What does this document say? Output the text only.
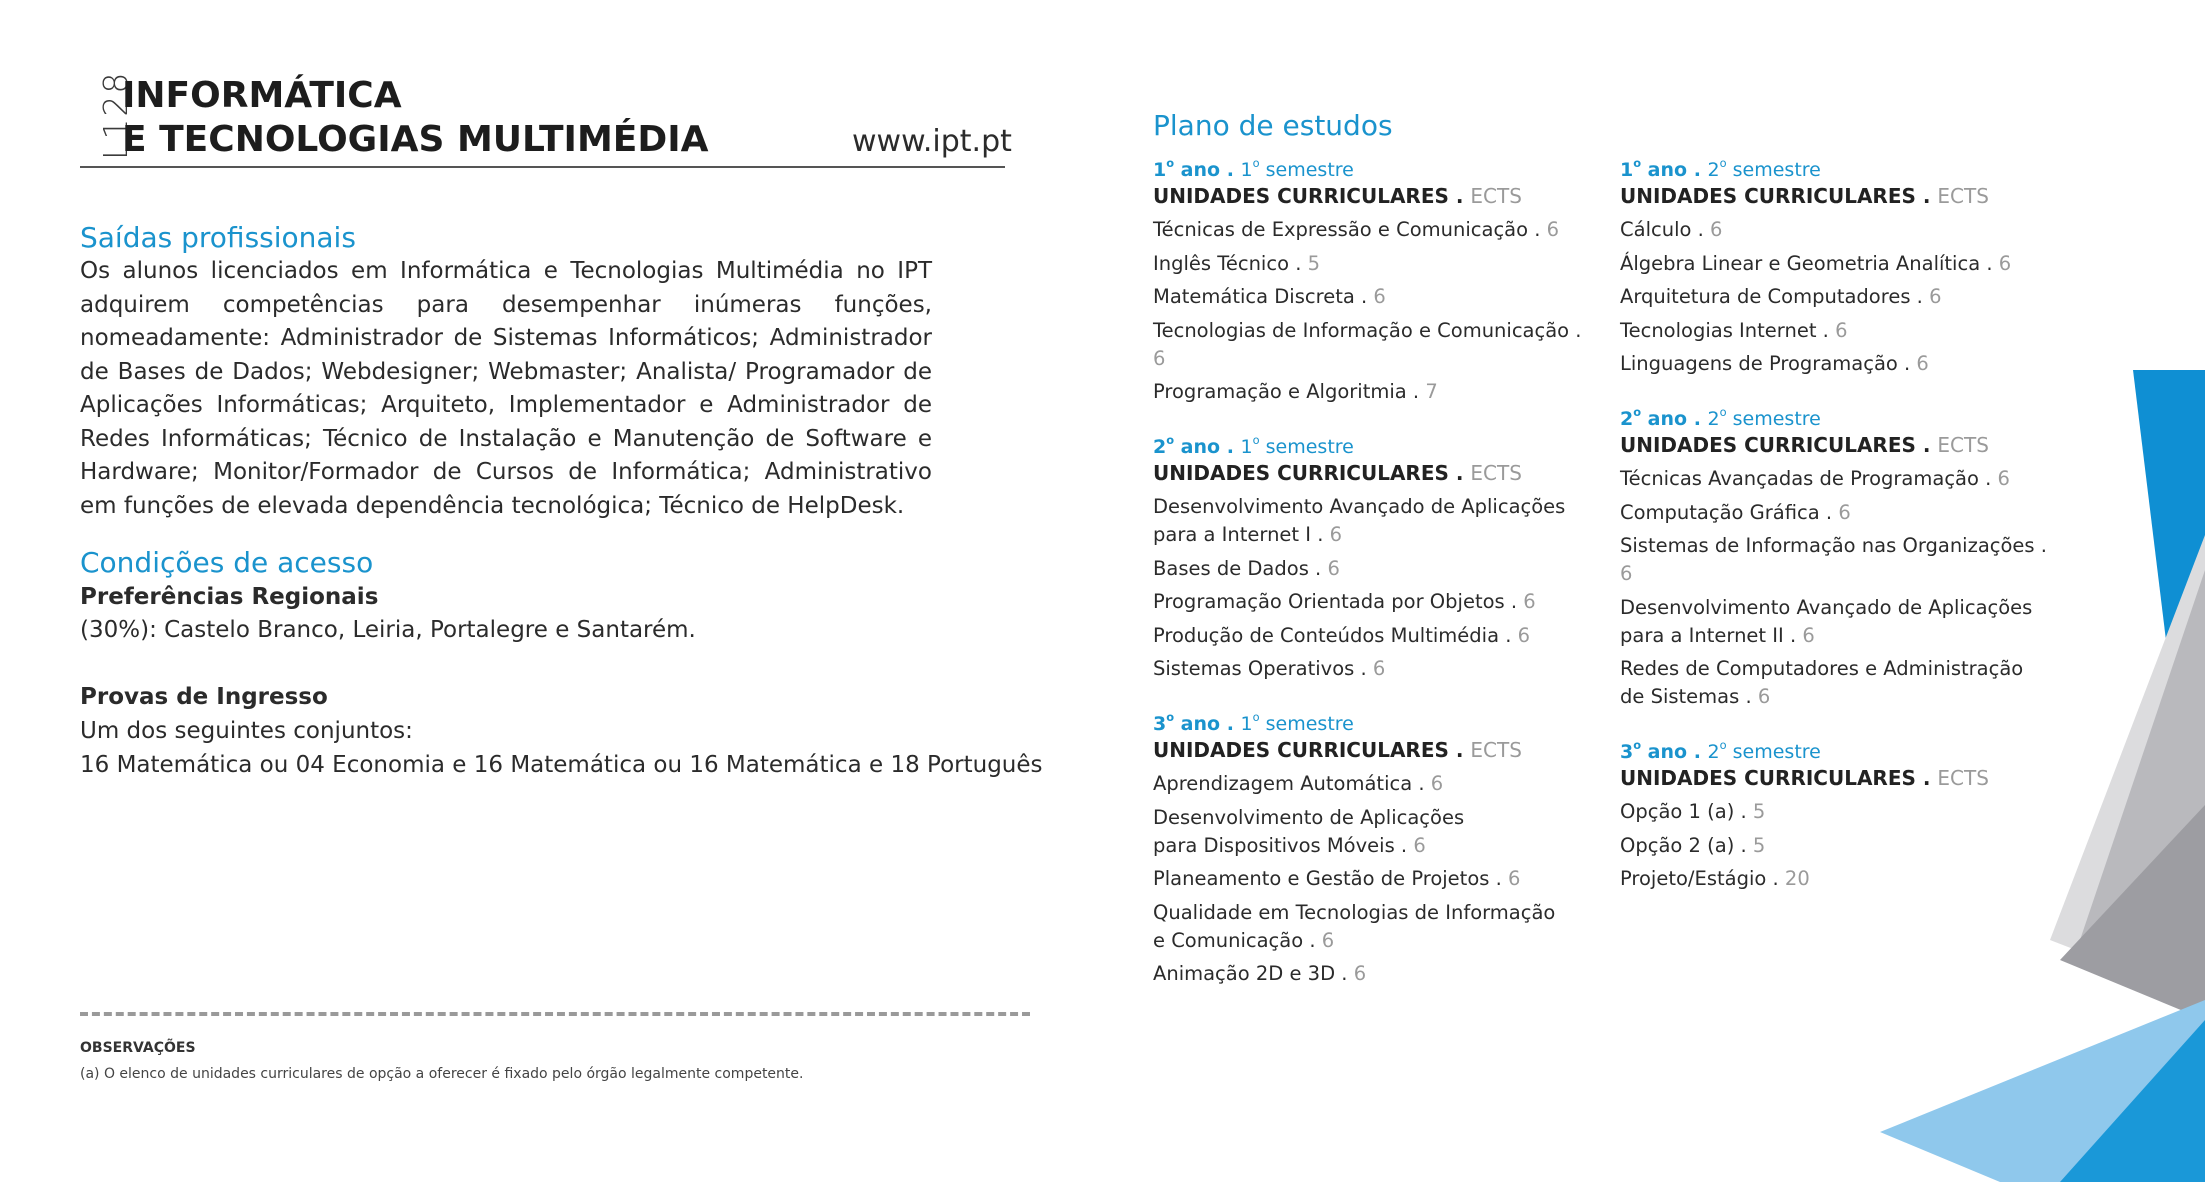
L128
INFORMÁTICA
E TECNOLOGIAS MULTIMÉDIA	www.ipt.pt
Saídas profissionais
Os alunos licenciados em Informática e Tecnologias Multimédia no IPT adquirem competências para desempenhar inúmeras funções, nomeadamente: Administrador de Sistemas Informáticos; Administrador de Bases de Dados; Webdesigner; Webmaster; Analista/ Programador de Aplicações Informáticas; Arquiteto, Implementador e Administrador de Redes Informáticas; Técnico de Instalação e Manutenção de Software e Hardware; Monitor/Formador de Cursos de Informática; Administrativo em funções de elevada dependência tecnológica; Técnico de HelpDesk.
Condições de acesso
Preferências Regionais
(30%): Castelo Branco, Leiria, Portalegre e Santarém.
Provas de Ingresso
Um dos seguintes conjuntos:
16 Matemática ou 04 Economia e 16 Matemática ou 16 Matemática e 18 Português
OBSERVAÇÕES
(a) O elenco de unidades curriculares de opção a oferecer é fixado pelo órgão legalmente competente.
Plano de estudos
1$^o$ ano . 1$^o$ semestre
UNIDADES CURRICULARES . ECTS
Técnicas de Expressão e Comunicação . 6
Inglês Técnico . 5
Matemática Discreta . 6
Tecnologias de Informação e Comunicação . 6
Programação e Algoritmia . 7
2$^o$ ano . 1$^o$ semestre
UNIDADES CURRICULARES . ECTS
Desenvolvimento Avançado de Aplicações
para a Internet I . 6
Bases de Dados . 6
Programação Orientada por Objetos . 6
Produção de Conteúdos Multimédia . 6
Sistemas Operativos . 6
3$^o$ ano . 1$^o$ semestre
UNIDADES CURRICULARES . ECTS
Aprendizagem Automática . 6
Desenvolvimento de Aplicações
para Dispositivos Móveis . 6
Planeamento e Gestão de Projetos . 6
Qualidade em Tecnologias de Informação
e Comunicação . 6
Animação 2D e 3D . 6
1$^o$ ano . 2$^o$ semestre
UNIDADES CURRICULARES . ECTS
Cálculo . 6
Álgebra Linear e Geometria Analítica . 6
Arquitetura de Computadores . 6
Tecnologias Internet . 6
Linguagens de Programação . 6
2$^o$ ano . 2$^o$ semestre
UNIDADES CURRICULARES . ECTS
Técnicas Avançadas de Programação . 6
Computação Gráfica . 6
Sistemas de Informação nas Organizações . 6
Desenvolvimento Avançado de Aplicações
para a Internet II . 6
Redes de Computadores e Administração
de Sistemas . 6
3$^o$ ano . 2$^o$ semestre
UNIDADES CURRICULARES . ECTS
Opção 1 (a) . 5
Opção 2 (a) . 5
Projeto/Estágio . 20
